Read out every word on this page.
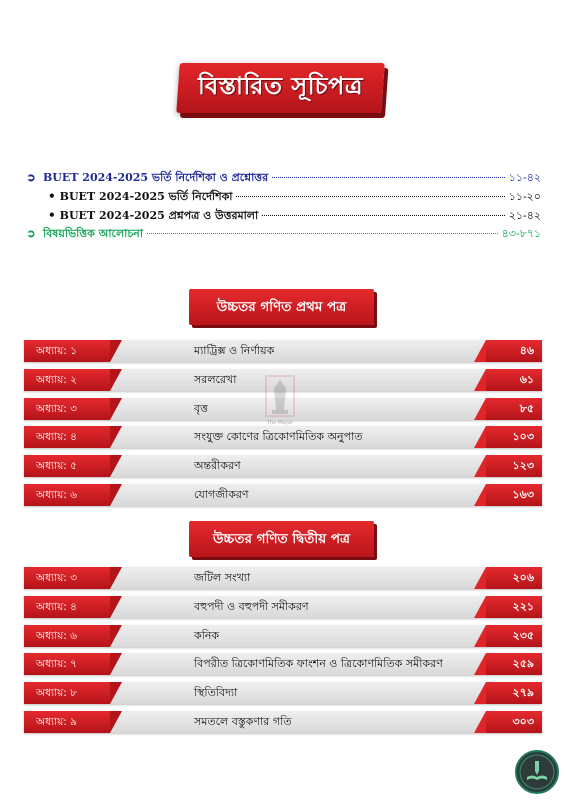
বিস্তারিত সূচিপত্র
➲ BUET 2024-2025 ভর্তি নির্দেশিকা ও প্রশ্নোত্তর	১১-৪২
• BUET 2024-2025 ভর্তি নির্দেশিকা	১১-২০
• BUET 2024-2025 প্রশ্নপত্র ও উত্তরমালা	২১-৪২
➲ বিষয়ভিত্তিক আলোচনা	৪৩-৮৭১
উচ্চতর গণিত প্রথম পত্র
অধ্যায়: ১	ম্যাট্রিক্স ও নির্ণায়ক	৪৬
অধ্যায়: ২	সরলরেখা	৬১
অধ্যায়: ৩	বৃত্ত	৮৫
অধ্যায়: ৪	সংযুক্ত কোণের ত্রিকোণমিতিক অনুপাত	১০৩
অধ্যায়: ৫	অন্তরীকরণ	১২৩
অধ্যায়: ৬	যোগজীকরণ	১৬৩
উচ্চতর গণিত দ্বিতীয় পত্র
অধ্যায়: ৩	জটিল সংখ্যা	২০৬
অধ্যায়: ৪	বহুপদী ও বহুপদী সমীকরণ	২২১
অধ্যায়: ৬	কনিক	২৩৫
অধ্যায়: ৭	বিপরীত ত্রিকোণমিতিক ফাংশন ও ত্রিকোণমিতিক সমীকরণ	২৫৯
অধ্যায়: ৮	স্থিতিবিদ্যা	২৭৯
অধ্যায়: ৯	সমতলে বস্তুকণার গতি	৩০৩
The Mayor
